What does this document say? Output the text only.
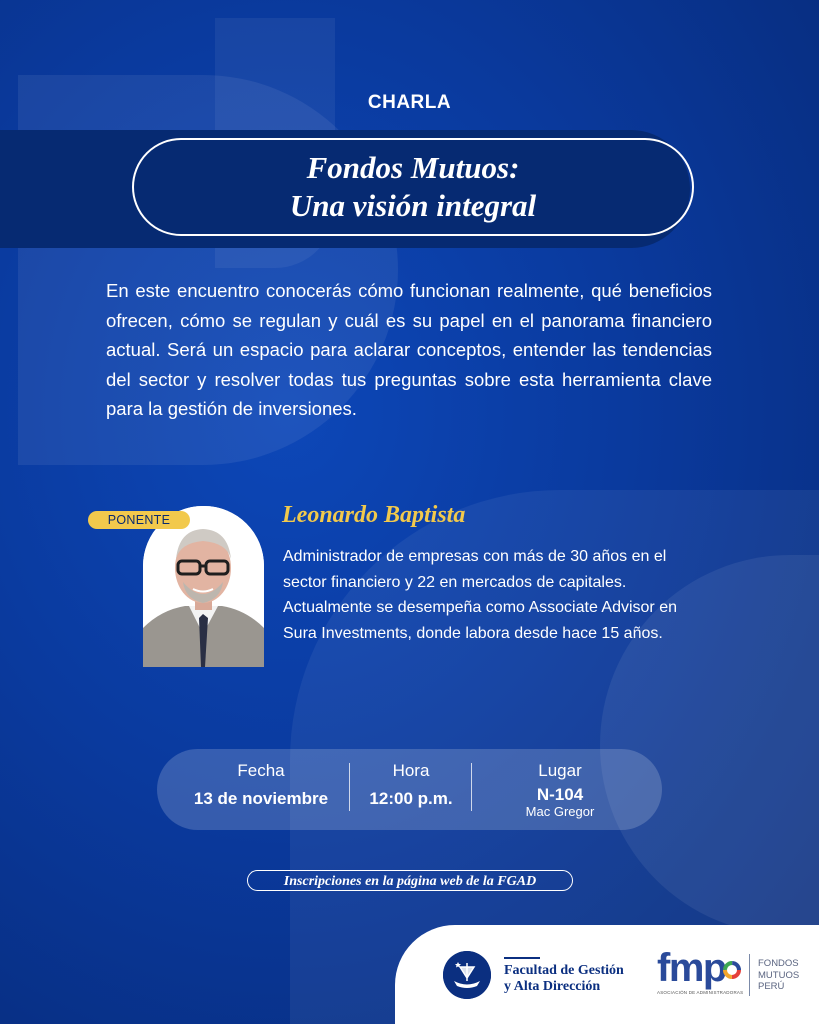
CHARLA
Fondos Mutuos:
Una visión integral
En este encuentro conocerás cómo funcionan realmente, qué beneficios ofrecen, cómo se regulan y cuál es su papel en el panorama financiero actual. Será un espacio para aclarar conceptos, entender las tendencias del sector y resolver todas tus preguntas sobre esta herramienta clave para la gestión de inversiones.
PONENTE	Leonardo Baptista
Administrador de empresas con más de 30 años en el sector financiero y 22 en mercados de capitales. Actualmente se desempeña como Associate Advisor en Sura Investments, donde labora desde hace 15 años.
Fecha
13 de noviembre
Hora
12:00 p.m.
Lugar
N-104
Mac Gregor
Inscripciones en la página web de la FGAD
Facultad de Gestión
y Alta Dirección	fmp
ASOCIACIÓN DE ADMINISTRADORAS
FONDOS
MUTUOS
PERÚ
